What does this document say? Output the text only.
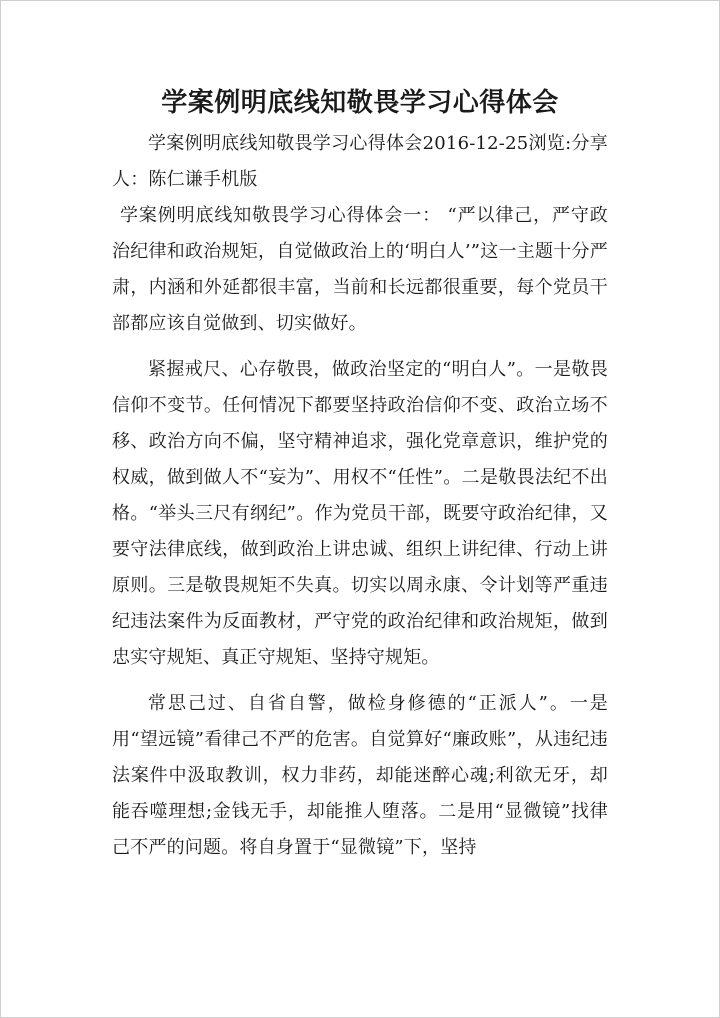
学案例明底线知敬畏学习心得体会

学案例明底线知敬畏学习心得体会2016-12-25浏览:分享人：陈仁谦手机版

学案例明底线知敬畏学习心得体会一： “严以律己，严守政治纪律和政治规矩，自觉做政治上的‘明白人’”这一主题十分严肃，内涵和外延都很丰富，当前和长远都很重要，每个党员干部都应该自觉做到、切实做好。

紧握戒尺、心存敬畏，做政治坚定的“明白人”。一是敬畏信仰不变节。任何情况下都要坚持政治信仰不变、政治立场不移、政治方向不偏，坚守精神追求，强化党章意识，维护党的权威，做到做人不“妄为”、用权不“任性”。二是敬畏法纪不出格。“举头三尺有纲纪”。作为党员干部，既要守政治纪律，又要守法律底线，做到政治上讲忠诚、组织上讲纪律、行动上讲原则。三是敬畏规矩不失真。切实以周永康、令计划等严重违纪违法案件为反面教材，严守党的政治纪律和政治规矩，做到忠实守规矩、真正守规矩、坚持守规矩。

常思己过、自省自警，做检身修德的“正派人”。一是用“望远镜”看律己不严的危害。自觉算好“廉政账”，从违纪违法案件中汲取教训，权力非药，却能迷醉心魂;利欲无牙，却能吞噬理想;金钱无手，却能推人堕落。二是用“显微镜”找律己不严的问题。将自身置于“显微镜”下，坚持
